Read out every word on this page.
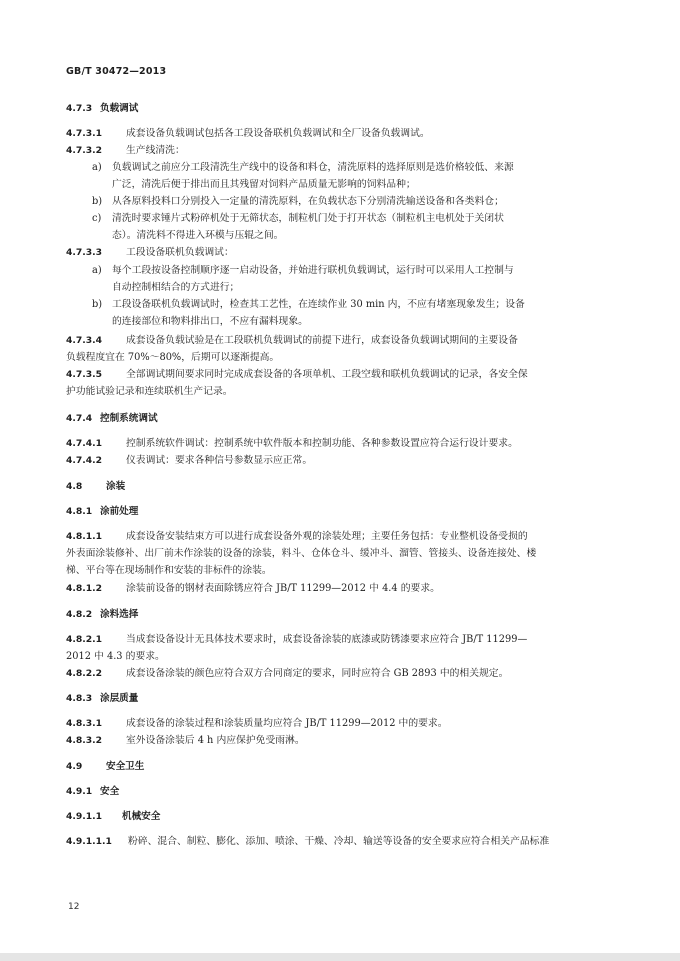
GB/T 30472—2013
4.7.3 负载调试
4.7.3.1 成套设备负载调试包括各工段设备联机负载调试和全厂设备负载调试。
4.7.3.2 生产线清洗：
a) 负载调试之前应分工段清洗生产线中的设备和料仓，清洗原料的选择原则是选价格较低、来源
广泛，清洗后便于排出而且其残留对饲料产品质量无影响的饲料品种；
b) 从各原料投料口分别投入一定量的清洗原料，在负载状态下分别清洗输送设备和各类料仓；
c) 清洗时要求锤片式粉碎机处于无筛状态，制粒机门处于打开状态（制粒机主电机处于关闭状
态）。清洗料不得进入环模与压辊之间。
4.7.3.3 工段设备联机负载调试：
a) 每个工段按设备控制顺序逐一启动设备，并始进行联机负载调试，运行时可以采用人工控制与
自动控制相结合的方式进行；
b) 工段设备联机负载调试时，检查其工艺性，在连续作业 30 min 内，不应有堵塞现象发生；设备
的连接部位和物料排出口，不应有漏料现象。
4.7.3.4 成套设备负载试验是在工段联机负载调试的前提下进行，成套设备负载调试期间的主要设备
负载程度宜在 70%～80%，后期可以逐渐提高。
4.7.3.5 全部调试期间要求同时完成成套设备的各项单机、工段空载和联机负载调试的记录，各安全保
护功能试验记录和连续联机生产记录。
4.7.4 控制系统调试
4.7.4.1 控制系统软件调试：控制系统中软件版本和控制功能、各种参数设置应符合运行设计要求。
4.7.4.2 仪表调试：要求各种信号参数显示应正常。
4.8 涂装
4.8.1 涂前处理
4.8.1.1 成套设备安装结束方可以进行成套设备外观的涂装处理；主要任务包括：专业整机设备受损的
外表面涂装修补、出厂前未作涂装的设备的涂装，料斗、仓体仓斗、缓冲斗、溜管、管接头、设备连接处、楼
梯、平台等在现场制作和安装的非标件的涂装。
4.8.1.2 涂装前设备的钢材表面除锈应符合 JB/T 11299—2012 中 4.4 的要求。
4.8.2 涂料选择
4.8.2.1 当成套设备设计无具体技术要求时，成套设备涂装的底漆或防锈漆要求应符合 JB/T 11299—
2012 中 4.3 的要求。
4.8.2.2 成套设备涂装的颜色应符合双方合同商定的要求，同时应符合 GB 2893 中的相关规定。
4.8.3 涂层质量
4.8.3.1 成套设备的涂装过程和涂装质量均应符合 JB/T 11299—2012 中的要求。
4.8.3.2 室外设备涂装后 4 h 内应保护免受雨淋。
4.9 安全卫生
4.9.1 安全
4.9.1.1 机械安全
4.9.1.1.1 粉碎、混合、制粒、膨化、添加、喷涂、干燥、冷却、输送等设备的安全要求应符合相关产品标准
12
